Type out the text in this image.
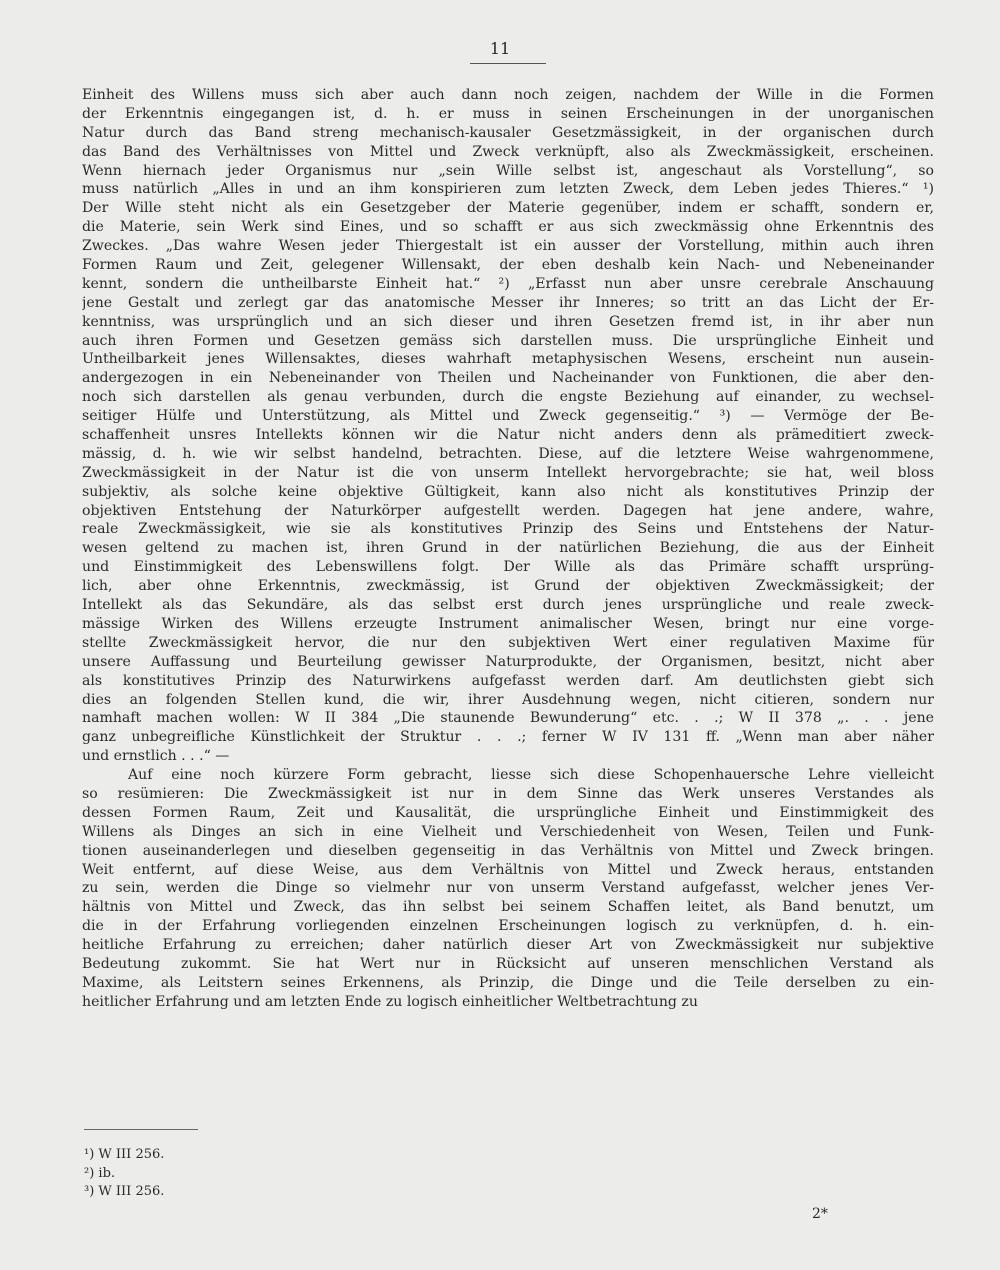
11
Einheit des Willens muss sich aber auch dann noch zeigen, nachdem der Wille in die Formen
der Erkenntnis eingegangen ist, d. h. er muss in seinen Erscheinungen in der unorganischen
Natur durch das Band streng mechanisch-kausaler Gesetzmässigkeit, in der organischen durch
das Band des Verhältnisses von Mittel und Zweck verknüpft, also als Zweckmässigkeit, erscheinen.
Wenn hiernach jeder Organismus nur „sein Wille selbst ist, angeschaut als Vorstellung“, so
muss natürlich „Alles in und an ihm konspirieren zum letzten Zweck, dem Leben jedes Thieres.“ ¹)
Der Wille steht nicht als ein Gesetzgeber der Materie gegenüber, indem er schafft, sondern er,
die Materie, sein Werk sind Eines, und so schafft er aus sich zweckmässig ohne Erkenntnis des
Zweckes. „Das wahre Wesen jeder Thiergestalt ist ein ausser der Vorstellung, mithin auch ihren
Formen Raum und Zeit, gelegener Willensakt, der eben deshalb kein Nach- und Nebeneinander
kennt, sondern die untheilbarste Einheit hat.“ ²) „Erfasst nun aber unsre cerebrale Anschauung
jene Gestalt und zerlegt gar das anatomische Messer ihr Inneres; so tritt an das Licht der Er-
kenntniss, was ursprünglich und an sich dieser und ihren Gesetzen fremd ist, in ihr aber nun
auch ihren Formen und Gesetzen gemäss sich darstellen muss. Die ursprüngliche Einheit und
Untheilbarkeit jenes Willensaktes, dieses wahrhaft metaphysischen Wesens, erscheint nun ausein-
andergezogen in ein Nebeneinander von Theilen und Nacheinander von Funktionen, die aber den-
noch sich darstellen als genau verbunden, durch die engste Beziehung auf einander, zu wechsel-
seitiger Hülfe und Unterstützung, als Mittel und Zweck gegenseitig.“ ³) — Vermöge der Be-
schaffenheit unsres Intellekts können wir die Natur nicht anders denn als prämeditiert zweck-
mässig, d. h. wie wir selbst handelnd, betrachten. Diese, auf die letztere Weise wahrgenommene,
Zweckmässigkeit in der Natur ist die von unserm Intellekt hervorgebrachte; sie hat, weil bloss
subjektiv, als solche keine objektive Gültigkeit, kann also nicht als konstitutives Prinzip der
objektiven Entstehung der Naturkörper aufgestellt werden. Dagegen hat jene andere, wahre,
reale Zweckmässigkeit, wie sie als konstitutives Prinzip des Seins und Entstehens der Natur-
wesen geltend zu machen ist, ihren Grund in der natürlichen Beziehung, die aus der Einheit
und Einstimmigkeit des Lebenswillens folgt. Der Wille als das Primäre schafft ursprüng-
lich, aber ohne Erkenntnis, zweckmässig, ist Grund der objektiven Zweckmässigkeit; der
Intellekt als das Sekundäre, als das selbst erst durch jenes ursprüngliche und reale zweck-
mässige Wirken des Willens erzeugte Instrument animalischer Wesen, bringt nur eine vorge-
stellte Zweckmässigkeit hervor, die nur den subjektiven Wert einer regulativen Maxime für
unsere Auffassung und Beurteilung gewisser Naturprodukte, der Organismen, besitzt, nicht aber
als konstitutives Prinzip des Naturwirkens aufgefasst werden darf. Am deutlichsten giebt sich
dies an folgenden Stellen kund, die wir, ihrer Ausdehnung wegen, nicht citieren, sondern nur
namhaft machen wollen: W II 384 „Die staunende Bewunderung“ etc. . .; W II 378 „. . . jene
ganz unbegreifliche Künstlichkeit der Struktur . . .; ferner W IV 131 ff. „Wenn man aber näher
und ernstlich . . .“ —
Auf eine noch kürzere Form gebracht, liesse sich diese Schopenhauersche Lehre vielleicht
so resümieren: Die Zweckmässigkeit ist nur in dem Sinne das Werk unseres Verstandes als
dessen Formen Raum, Zeit und Kausalität, die ursprüngliche Einheit und Einstimmigkeit des
Willens als Dinges an sich in eine Vielheit und Verschiedenheit von Wesen, Teilen und Funk-
tionen auseinanderlegen und dieselben gegenseitig in das Verhältnis von Mittel und Zweck bringen.
Weit entfernt, auf diese Weise, aus dem Verhältnis von Mittel und Zweck heraus, entstanden
zu sein, werden die Dinge so vielmehr nur von unserm Verstand aufgefasst, welcher jenes Ver-
hältnis von Mittel und Zweck, das ihn selbst bei seinem Schaffen leitet, als Band benutzt, um
die in der Erfahrung vorliegenden einzelnen Erscheinungen logisch zu verknüpfen, d. h. ein-
heitliche Erfahrung zu erreichen; daher natürlich dieser Art von Zweckmässigkeit nur subjektive
Bedeutung zukommt. Sie hat Wert nur in Rücksicht auf unseren menschlichen Verstand als
Maxime, als Leitstern seines Erkennens, als Prinzip, die Dinge und die Teile derselben zu ein-
heitlicher Erfahrung und am letzten Ende zu logisch einheitlicher Weltbetrachtung zu
¹) W III 256.
²) ib.
³) W III 256.
2*
